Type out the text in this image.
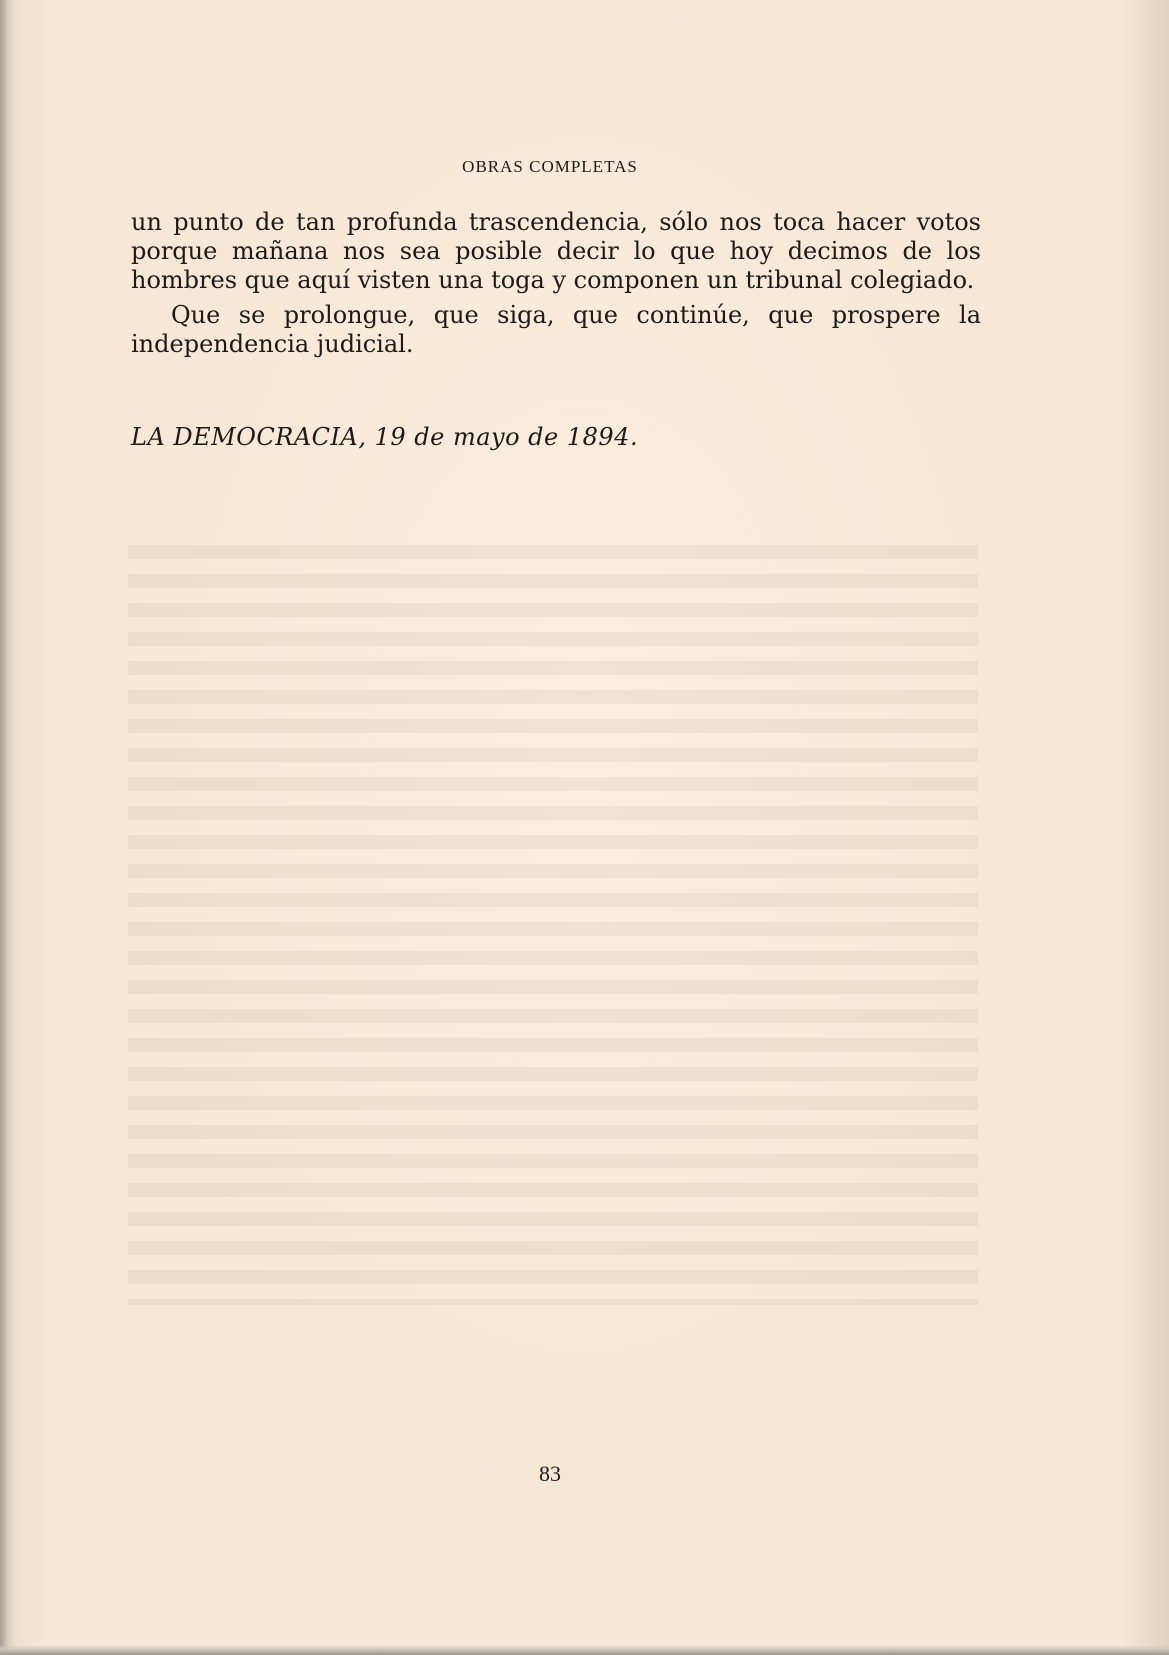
OBRAS COMPLETAS

un punto de tan profunda trascendencia, sólo nos toca hacer votos porque mañana nos sea posible decir lo que hoy decimos de los hombres que aquí visten una toga y componen un tribunal colegiado.

Que se prolongue, que siga, que continúe, que prospere la independencia judicial.

LA DEMOCRACIA, 19 de mayo de 1894.
83
